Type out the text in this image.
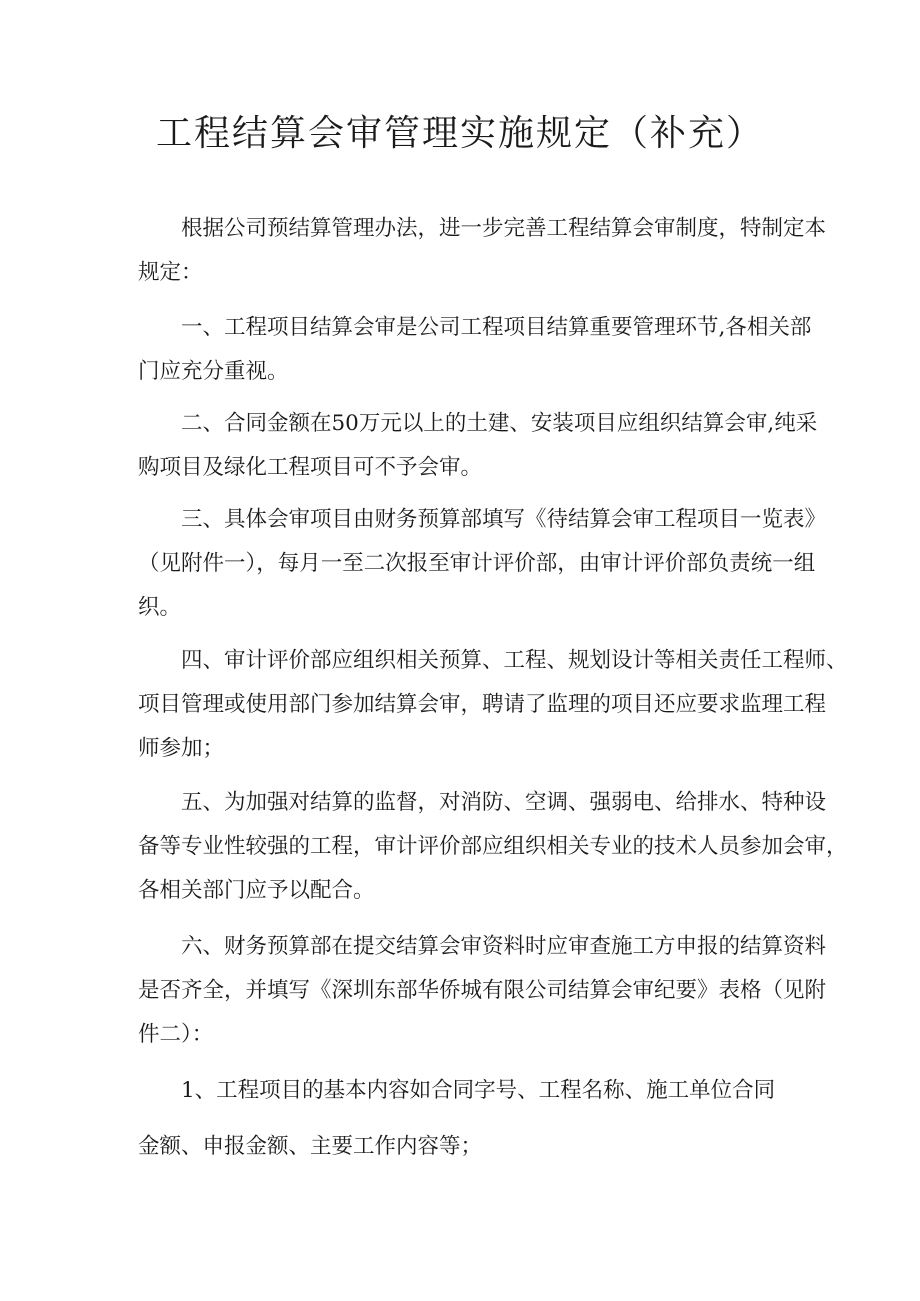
工程结算会审管理实施规定（补充）

根据公司预结算管理办法，进一步完善工程结算会审制度，特制定本
规定：

一、工程项目结算会审是公司工程项目结算重要管理环节,各相关部
门应充分重视。

二、合同金额在50万元以上的土建、安装项目应组织结算会审,纯采
购项目及绿化工程项目可不予会审。

三、具体会审项目由财务预算部填写《待结算会审工程项目一览表》
（见附件一），每月一至二次报至审计评价部，由审计评价部负责统一组
织。

四、审计评价部应组织相关预算、工程、规划设计等相关责任工程师、
项目管理或使用部门参加结算会审，聘请了监理的项目还应要求监理工程
师参加；

五、为加强对结算的监督，对消防、空调、强弱电、给排水、特种设
备等专业性较强的工程，审计评价部应组织相关专业的技术人员参加会审，
各相关部门应予以配合。

六、财务预算部在提交结算会审资料时应审查施工方申报的结算资料
是否齐全，并填写《深圳东部华侨城有限公司结算会审纪要》表格（见附
件二）：

1、工程项目的基本内容如合同字号、工程名称、施工单位合同
金额、申报金额、主要工作内容等；
